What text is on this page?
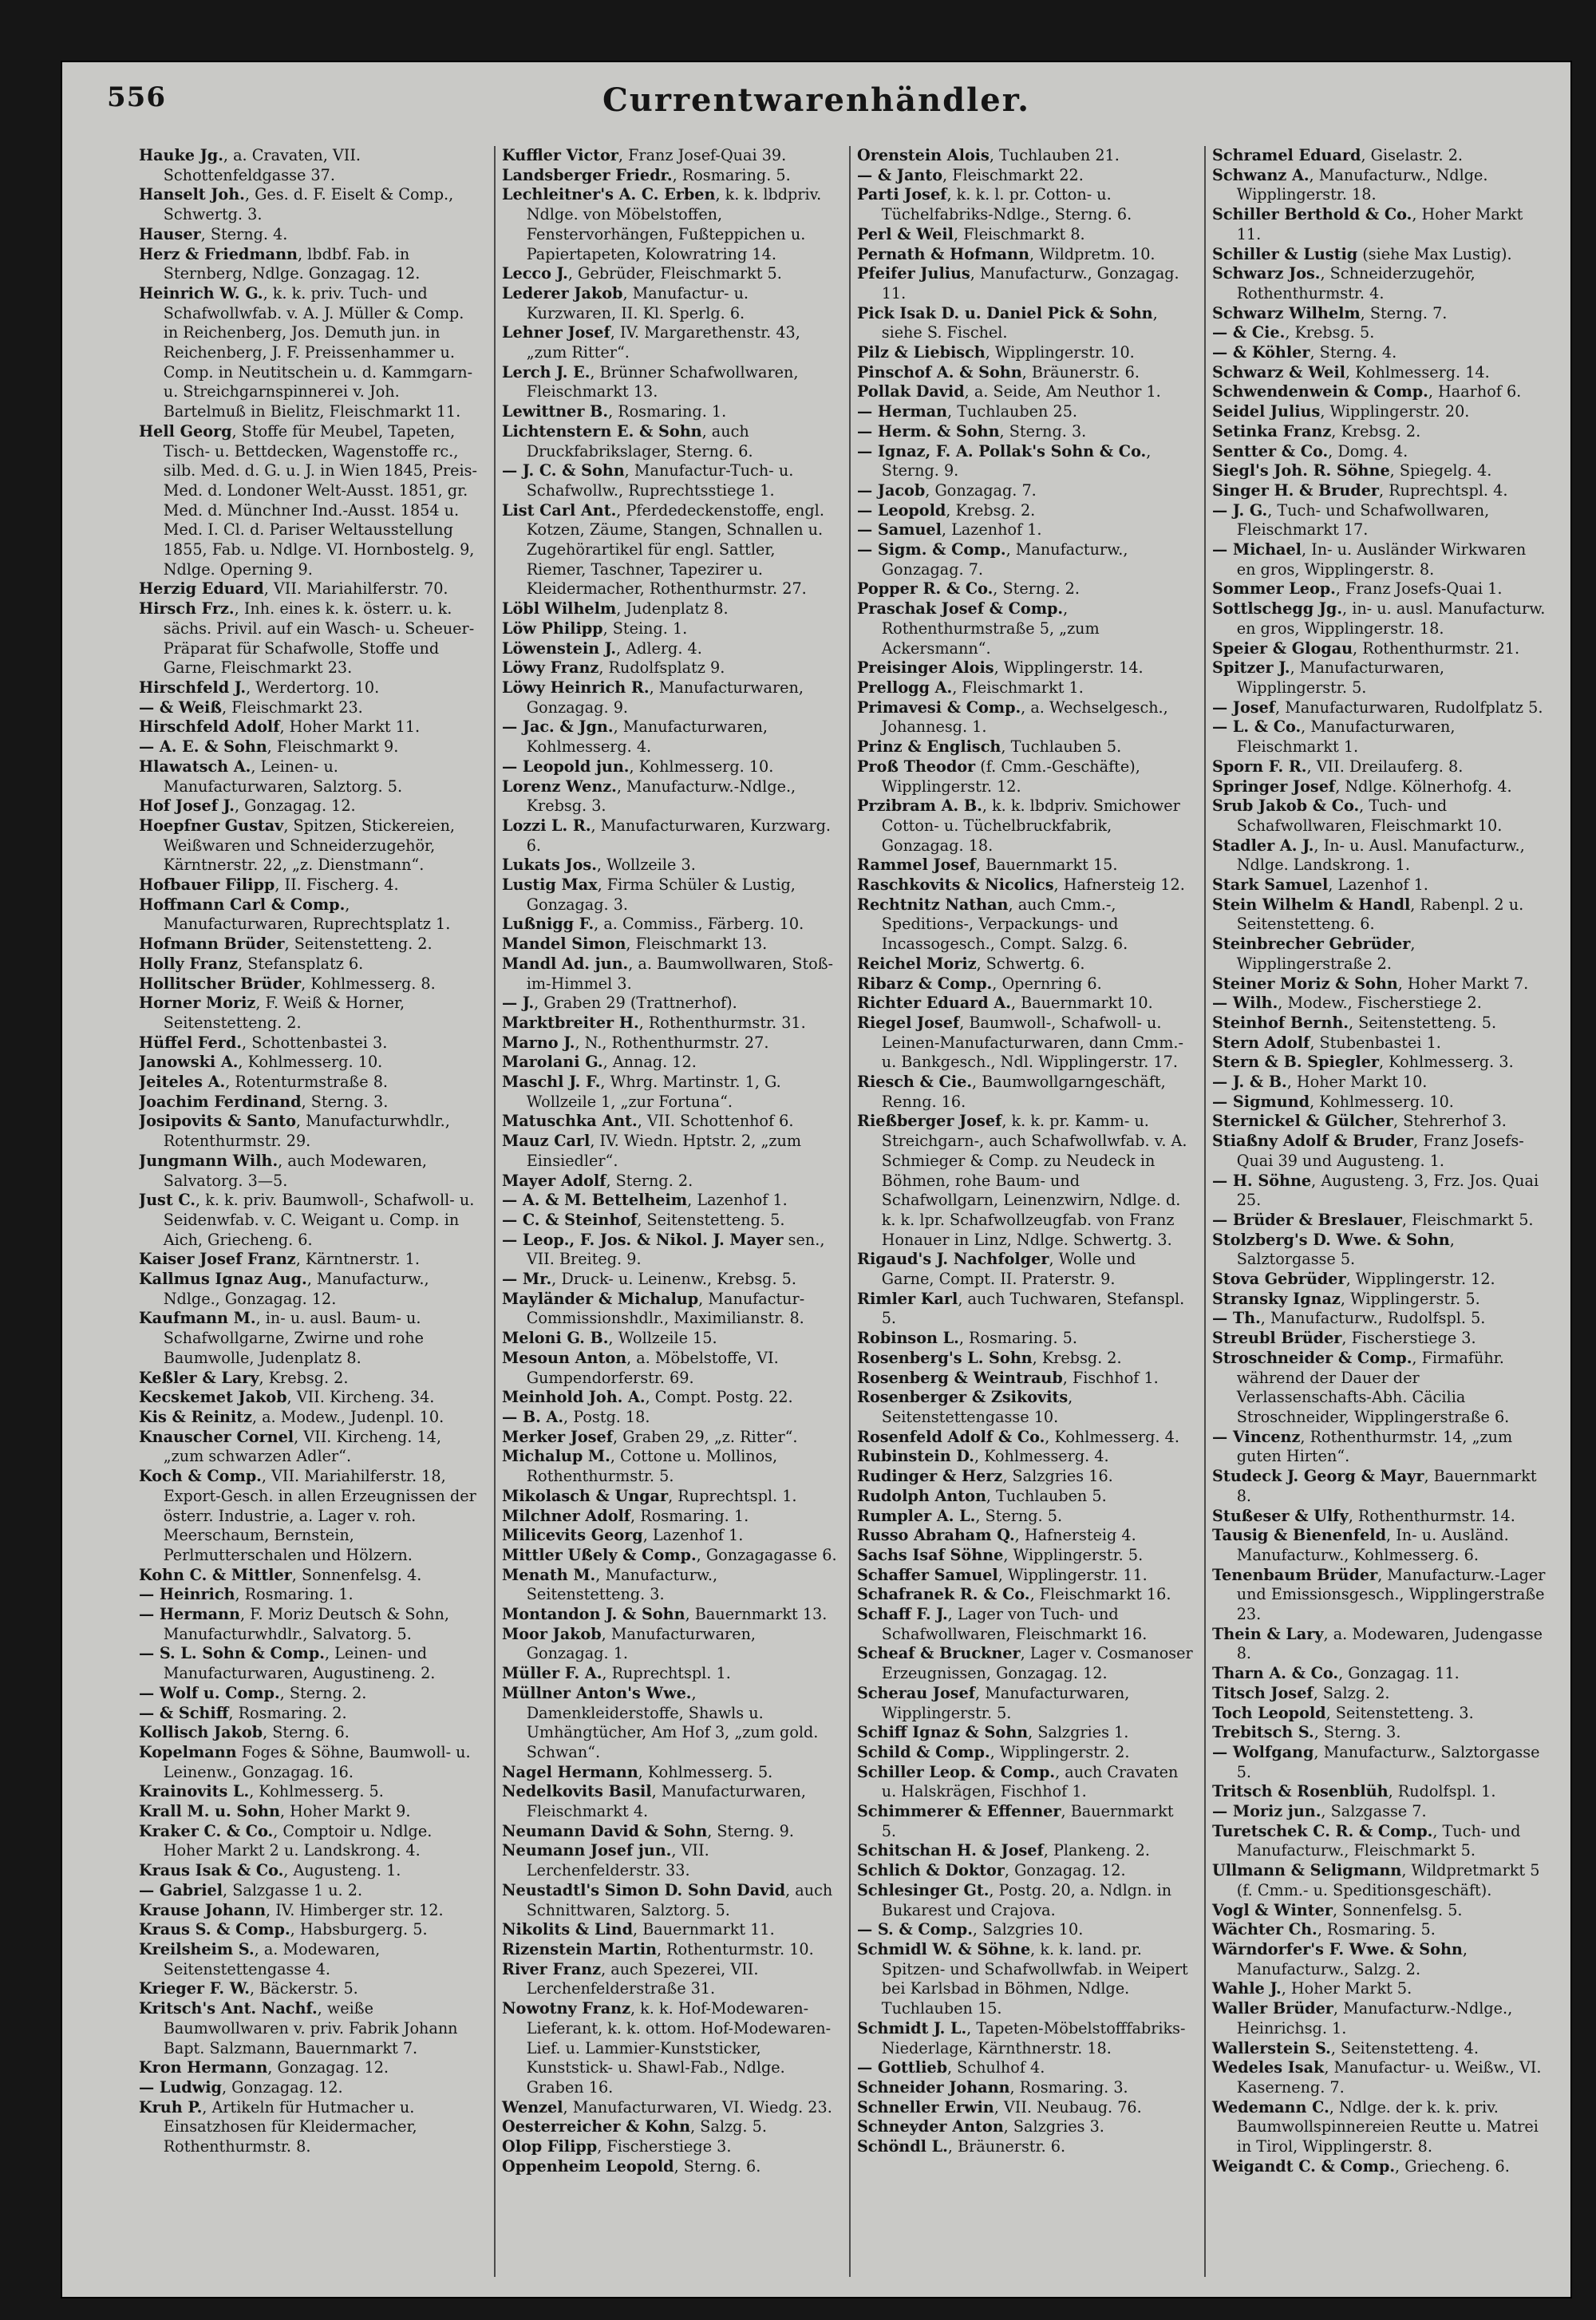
556	Currentwarenhändler.

Hauke Jg., a. Cravaten, VII. Schottenfeldgasse 37.

Hanselt Joh., Ges. d. F. Eiselt & Comp., Schwertg. 3.

Hauser, Sterng. 4.

Herz & Friedmann, lbdbf. Fab. in Sternberg, Ndlge. Gonzagag. 12.

Heinrich W. G., k. k. priv. Tuch- und Schafwollwfab. v. A. J. Müller & Comp. in Reichenberg, Jos. Demuth jun. in Reichenberg, J. F. Preissenhammer u. Comp. in Neutitschein u. d. Kammgarn- u. Streichgarnspinnerei v. Joh. Bartelmuß in Bielitz, Fleischmarkt 11.

Hell Georg, Stoffe für Meubel, Tapeten, Tisch- u. Bettdecken, Wagenstoffe rc., silb. Med. d. G. u. J. in Wien 1845, Preis-Med. d. Londoner Welt-Ausst. 1851, gr. Med. d. Münchner Ind.-Ausst. 1854 u. Med. I. Cl. d. Pariser Weltausstellung 1855, Fab. u. Ndlge. VI. Hornbostelg. 9, Ndlge. Operning 9.

Herzig Eduard, VII. Mariahilferstr. 70.

Hirsch Frz., Inh. eines k. k. österr. u. k. sächs. Privil. auf ein Wasch- u. Scheuer-Präparat für Schafwolle, Stoffe und Garne, Fleischmarkt 23.

Hirschfeld J., Werdertorg. 10.

— & Weiß, Fleischmarkt 23.

Hirschfeld Adolf, Hoher Markt 11.

— A. E. & Sohn, Fleischmarkt 9.

Hlawatsch A., Leinen- u. Manufacturwaren, Salztorg. 5.

Hof Josef J., Gonzagag. 12.

Hoepfner Gustav, Spitzen, Stickereien, Weißwaren und Schneiderzugehör, Kärntnerstr. 22, „z. Dienstmann“.

Hofbauer Filipp, II. Fischerg. 4.

Hoffmann Carl & Comp., Manufacturwaren, Ruprechtsplatz 1.

Hofmann Brüder, Seitenstetteng. 2.

Holly Franz, Stefansplatz 6.

Hollitscher Brüder, Kohlmesserg. 8.

Horner Moriz, F. Weiß & Horner, Seitenstetteng. 2.

Hüffel Ferd., Schottenbastei 3.

Janowski A., Kohlmesserg. 10.

Jeiteles A., Rotenturmstraße 8.

Joachim Ferdinand, Sterng. 3.

Josipovits & Santo, Manufacturwhdlr., Rotenthurmstr. 29.

Jungmann Wilh., auch Modewaren, Salvatorg. 3—5.

Just C., k. k. priv. Baumwoll-, Schafwoll- u. Seidenwfab. v. C. Weigant u. Comp. in Aich, Griecheng. 6.

Kaiser Josef Franz, Kärntnerstr. 1.

Kallmus Ignaz Aug., Manufacturw., Ndlge., Gonzagag. 12.

Kaufmann M., in- u. ausl. Baum- u. Schafwollgarne, Zwirne und rohe Baumwolle, Judenplatz 8.

Keßler & Lary, Krebsg. 2.

Kecskemet Jakob, VII. Kircheng. 34.

Kis & Reinitz, a. Modew., Judenpl. 10.

Knauscher Cornel, VII. Kircheng. 14, „zum schwarzen Adler“.

Koch & Comp., VII. Mariahilferstr. 18, Export-Gesch. in allen Erzeugnissen der österr. Industrie, a. Lager v. roh. Meerschaum, Bernstein, Perlmutterschalen und Hölzern.

Kohn C. & Mittler, Sonnenfelsg. 4.

— Heinrich, Rosmaring. 1.

— Hermann, F. Moriz Deutsch & Sohn, Manufacturwhdlr., Salvatorg. 5.

— S. L. Sohn & Comp., Leinen- und Manufacturwaren, Augustineng. 2.

— Wolf u. Comp., Sterng. 2.

— & Schiff, Rosmaring. 2.

Kollisch Jakob, Sterng. 6.

Kopelmann Foges & Söhne, Baumwoll- u. Leinenw., Gonzagag. 16.

Krainovits L., Kohlmesserg. 5.

Krall M. u. Sohn, Hoher Markt 9.

Kraker C. & Co., Comptoir u. Ndlge. Hoher Markt 2 u. Landskrong. 4.

Kraus Isak & Co., Augusteng. 1.

— Gabriel, Salzgasse 1 u. 2.

Krause Johann, IV. Himberger str. 12.

Kraus S. & Comp., Habsburgerg. 5.

Kreilsheim S., a. Modewaren, Seitenstettengasse 4.

Krieger F. W., Bäckerstr. 5.

Kritsch's Ant. Nachf., weiße Baumwollwaren v. priv. Fabrik Johann Bapt. Salzmann, Bauernmarkt 7.

Kron Hermann, Gonzagag. 12.

— Ludwig, Gonzagag. 12.

Kruh P., Artikeln für Hutmacher u. Einsatzhosen für Kleidermacher, Rothenthurmstr. 8.

Kuffler Victor, Franz Josef-Quai 39.

Landsberger Friedr., Rosmaring. 5.

Lechleitner's A. C. Erben, k. k. lbdpriv. Ndlge. von Möbelstoffen, Fenstervorhängen, Fußteppichen u. Papiertapeten, Kolowratring 14.

Lecco J., Gebrüder, Fleischmarkt 5.

Lederer Jakob, Manufactur- u. Kurzwaren, II. Kl. Sperlg. 6.

Lehner Josef, IV. Margarethenstr. 43, „zum Ritter“.

Lerch J. E., Brünner Schafwollwaren, Fleischmarkt 13.

Lewittner B., Rosmaring. 1.

Lichtenstern E. & Sohn, auch Druckfabrikslager, Sterng. 6.

— J. C. & Sohn, Manufactur-Tuch- u. Schafwollw., Ruprechtsstiege 1.

List Carl Ant., Pferdedeckenstoffe, engl. Kotzen, Zäume, Stangen, Schnallen u. Zugehörartikel für engl. Sattler, Riemer, Taschner, Tapezirer u. Kleidermacher, Rothenthurmstr. 27.

Löbl Wilhelm, Judenplatz 8.

Löw Philipp, Steing. 1.

Löwenstein J., Adlerg. 4.

Löwy Franz, Rudolfsplatz 9.

Löwy Heinrich R., Manufacturwaren, Gonzagag. 9.

— Jac. & Jgn., Manufacturwaren, Kohlmesserg. 4.

— Leopold jun., Kohlmesserg. 10.

Lorenz Wenz., Manufacturw.-Ndlge., Krebsg. 3.

Lozzi L. R., Manufacturwaren, Kurzwarg. 6.

Lukats Jos., Wollzeile 3.

Lustig Max, Firma Schüler & Lustig, Gonzagag. 3.

Lußnigg F., a. Commiss., Färberg. 10.

Mandel Simon, Fleischmarkt 13.

Mandl Ad. jun., a. Baumwollwaren, Stoß-im-Himmel 3.

— J., Graben 29 (Trattnerhof).

Marktbreiter H., Rothenthurmstr. 31.

Marno J., N., Rothenthurmstr. 27.

Marolani G., Annag. 12.

Maschl J. F., Whrg. Martinstr. 1, G. Wollzeile 1, „zur Fortuna“.

Matuschka Ant., VII. Schottenhof 6.

Mauz Carl, IV. Wiedn. Hptstr. 2, „zum Einsiedler“.

Mayer Adolf, Sterng. 2.

— A. & M. Bettelheim, Lazenhof 1.

— C. & Steinhof, Seitenstetteng. 5.

— Leop., F. Jos. & Nikol. J. Mayer sen., VII. Breiteg. 9.

— Mr., Druck- u. Leinenw., Krebsg. 5.

Mayländer & Michalup, Manufactur-Commissionshdlr., Maximilianstr. 8.

Meloni G. B., Wollzeile 15.

Mesoun Anton, a. Möbelstoffe, VI. Gumpendorferstr. 69.

Meinhold Joh. A., Compt. Postg. 22.

— B. A., Postg. 18.

Merker Josef, Graben 29, „z. Ritter“.

Michalup M., Cottone u. Mollinos, Rothenthurmstr. 5.

Mikolasch & Ungar, Ruprechtspl. 1.

Milchner Adolf, Rosmaring. 1.

Milicevits Georg, Lazenhof 1.

Mittler Ußely & Comp., Gonzagagasse 6.

Menath M., Manufacturw., Seitenstetteng. 3.

Montandon J. & Sohn, Bauernmarkt 13.

Moor Jakob, Manufacturwaren, Gonzagag. 1.

Müller F. A., Ruprechtspl. 1.

Müllner Anton's Wwe., Damenkleiderstoffe, Shawls u. Umhängtücher, Am Hof 3, „zum gold. Schwan“.

Nagel Hermann, Kohlmesserg. 5.

Nedelkovits Basil, Manufacturwaren, Fleischmarkt 4.

Neumann David & Sohn, Sterng. 9.

Neumann Josef jun., VII. Lerchenfelderstr. 33.

Neustadtl's Simon D. Sohn David, auch Schnittwaren, Salztorg. 5.

Nikolits & Lind, Bauernmarkt 11.

Rizenstein Martin, Rothenturmstr. 10.

River Franz, auch Spezerei, VII. Lerchenfelderstraße 31.

Nowotny Franz, k. k. Hof-Modewaren-Lieferant, k. k. ottom. Hof-Modewaren-Lief. u. Lammier-Kunststicker, Kunststick- u. Shawl-Fab., Ndlge. Graben 16.

Wenzel, Manufacturwaren, VI. Wiedg. 23.

Oesterreicher & Kohn, Salzg. 5.

Olop Filipp, Fischerstiege 3.

Oppenheim Leopold, Sterng. 6.

Orenstein Alois, Tuchlauben 21.

— & Janto, Fleischmarkt 22.

Parti Josef, k. k. l. pr. Cotton- u. Tüchelfabriks-Ndlge., Sterng. 6.

Perl & Weil, Fleischmarkt 8.

Pernath & Hofmann, Wildpretm. 10.

Pfeifer Julius, Manufacturw., Gonzagag. 11.

Pick Isak D. u. Daniel Pick & Sohn, siehe S. Fischel.

Pilz & Liebisch, Wipplingerstr. 10.

Pinschof A. & Sohn, Bräunerstr. 6.

Pollak David, a. Seide, Am Neuthor 1.

— Herman, Tuchlauben 25.

— Herm. & Sohn, Sterng. 3.

— Ignaz, F. A. Pollak's Sohn & Co., Sterng. 9.

— Jacob, Gonzagag. 7.

— Leopold, Krebsg. 2.

— Samuel, Lazenhof 1.

— Sigm. & Comp., Manufacturw., Gonzagag. 7.

Popper R. & Co., Sterng. 2.

Praschak Josef & Comp., Rothenthurmstraße 5, „zum Ackersmann“.

Preisinger Alois, Wipplingerstr. 14.

Prellogg A., Fleischmarkt 1.

Primavesi & Comp., a. Wechselgesch., Johannesg. 1.

Prinz & Englisch, Tuchlauben 5.

Proß Theodor (f. Cmm.-Geschäfte), Wipplingerstr. 12.

Przibram A. B., k. k. lbdpriv. Smichower Cotton- u. Tüchelbruckfabrik, Gonzagag. 18.

Rammel Josef, Bauernmarkt 15.

Raschkovits & Nicolics, Hafnersteig 12.

Rechtnitz Nathan, auch Cmm.-, Speditions-, Verpackungs- und Incassogesch., Compt. Salzg. 6.

Reichel Moriz, Schwertg. 6.

Ribarz & Comp., Opernring 6.

Richter Eduard A., Bauernmarkt 10.

Riegel Josef, Baumwoll-, Schafwoll- u. Leinen-Manufacturwaren, dann Cmm.- u. Bankgesch., Ndl. Wipplingerstr. 17.

Riesch & Cie., Baumwollgarngeschäft, Renng. 16.

Rießberger Josef, k. k. pr. Kamm- u. Streichgarn-, auch Schafwollwfab. v. A. Schmieger & Comp. zu Neudeck in Böhmen, rohe Baum- und Schafwollgarn, Leinenzwirn, Ndlge. d. k. k. lpr. Schafwollzeugfab. von Franz Honauer in Linz, Ndlge. Schwertg. 3.

Rigaud's J. Nachfolger, Wolle und Garne, Compt. II. Praterstr. 9.

Rimler Karl, auch Tuchwaren, Stefanspl. 5.

Robinson L., Rosmaring. 5.

Rosenberg's L. Sohn, Krebsg. 2.

Rosenberg & Weintraub, Fischhof 1.

Rosenberger & Zsikovits, Seitenstettengasse 10.

Rosenfeld Adolf & Co., Kohlmesserg. 4.

Rubinstein D., Kohlmesserg. 4.

Rudinger & Herz, Salzgries 16.

Rudolph Anton, Tuchlauben 5.

Rumpler A. L., Sterng. 5.

Russo Abraham Q., Hafnersteig 4.

Sachs Isaf Söhne, Wipplingerstr. 5.

Schaffer Samuel, Wipplingerstr. 11.

Schafranek R. & Co., Fleischmarkt 16.

Schaff F. J., Lager von Tuch- und Schafwollwaren, Fleischmarkt 16.

Scheaf & Bruckner, Lager v. Cosmanoser Erzeugnissen, Gonzagag. 12.

Scherau Josef, Manufacturwaren, Wipplingerstr. 5.

Schiff Ignaz & Sohn, Salzgries 1.

Schild & Comp., Wipplingerstr. 2.

Schiller Leop. & Comp., auch Cravaten u. Halskrägen, Fischhof 1.

Schimmerer & Effenner, Bauernmarkt 5.

Schitschan H. & Josef, Plankeng. 2.

Schlich & Doktor, Gonzagag. 12.

Schlesinger Gt., Postg. 20, a. Ndlgn. in Bukarest und Crajova.

— S. & Comp., Salzgries 10.

Schmidl W. & Söhne, k. k. land. pr. Spitzen- und Schafwollwfab. in Weipert bei Karlsbad in Böhmen, Ndlge. Tuchlauben 15.

Schmidt J. L., Tapeten-Möbelstofffabriks-Niederlage, Kärnthnerstr. 18.

— Gottlieb, Schulhof 4.

Schneider Johann, Rosmaring. 3.

Schneller Erwin, VII. Neubaug. 76.

Schneyder Anton, Salzgries 3.

Schöndl L., Bräunerstr. 6.

Schramel Eduard, Giselastr. 2.

Schwanz A., Manufacturw., Ndlge. Wipplingerstr. 18.

Schiller Berthold & Co., Hoher Markt 11.

Schiller & Lustig (siehe Max Lustig).

Schwarz Jos., Schneiderzugehör, Rothenthurmstr. 4.

Schwarz Wilhelm, Sterng. 7.

— & Cie., Krebsg. 5.

— & Köhler, Sterng. 4.

Schwarz & Weil, Kohlmesserg. 14.

Schwendenwein & Comp., Haarhof 6.

Seidel Julius, Wipplingerstr. 20.

Setinka Franz, Krebsg. 2.

Sentter & Co., Domg. 4.

Siegl's Joh. R. Söhne, Spiegelg. 4.

Singer H. & Bruder, Ruprechtspl. 4.

— J. G., Tuch- und Schafwollwaren, Fleischmarkt 17.

— Michael, In- u. Ausländer Wirkwaren en gros, Wipplingerstr. 8.

Sommer Leop., Franz Josefs-Quai 1.

Sottlschegg Jg., in- u. ausl. Manufacturw. en gros, Wipplingerstr. 18.

Speier & Glogau, Rothenthurmstr. 21.

Spitzer J., Manufacturwaren, Wipplingerstr. 5.

— Josef, Manufacturwaren, Rudolfplatz 5.

— L. & Co., Manufacturwaren, Fleischmarkt 1.

Sporn F. R., VII. Dreilauferg. 8.

Springer Josef, Ndlge. Kölnerhofg. 4.

Srub Jakob & Co., Tuch- und Schafwollwaren, Fleischmarkt 10.

Stadler A. J., In- u. Ausl. Manufacturw., Ndlge. Landskrong. 1.

Stark Samuel, Lazenhof 1.

Stein Wilhelm & Handl, Rabenpl. 2 u. Seitenstetteng. 6.

Steinbrecher Gebrüder, Wipplingerstraße 2.

Steiner Moriz & Sohn, Hoher Markt 7.

— Wilh., Modew., Fischerstiege 2.

Steinhof Bernh., Seitenstetteng. 5.

Stern Adolf, Stubenbastei 1.

Stern & B. Spiegler, Kohlmesserg. 3.

— J. & B., Hoher Markt 10.

— Sigmund, Kohlmesserg. 10.

Sternickel & Gülcher, Stehrerhof 3.

Stiaßny Adolf & Bruder, Franz Josefs-Quai 39 und Augusteng. 1.

— H. Söhne, Augusteng. 3, Frz. Jos. Quai 25.

— Brüder & Breslauer, Fleischmarkt 5.

Stolzberg's D. Wwe. & Sohn, Salztorgasse 5.

Stova Gebrüder, Wipplingerstr. 12.

Stransky Ignaz, Wipplingerstr. 5.

— Th., Manufacturw., Rudolfspl. 5.

Streubl Brüder, Fischerstiege 3.

Stroschneider & Comp., Firmaführ. während der Dauer der Verlassenschafts-Abh. Cäcilia Stroschneider, Wipplingerstraße 6.

— Vincenz, Rothenthurmstr. 14, „zum guten Hirten“.

Studeck J. Georg & Mayr, Bauernmarkt 8.

Stußeser & Ulfy, Rothenthurmstr. 14.

Tausig & Bienenfeld, In- u. Ausländ. Manufacturw., Kohlmesserg. 6.

Tenenbaum Brüder, Manufacturw.-Lager und Emissionsgesch., Wipplingerstraße 23.

Thein & Lary, a. Modewaren, Judengasse 8.

Tharn A. & Co., Gonzagag. 11.

Titsch Josef, Salzg. 2.

Toch Leopold, Seitenstetteng. 3.

Trebitsch S., Sterng. 3.

— Wolfgang, Manufacturw., Salztorgasse 5.

Tritsch & Rosenblüh, Rudolfspl. 1.

— Moriz jun., Salzgasse 7.

Turetschek C. R. & Comp., Tuch- und Manufacturw., Fleischmarkt 5.

Ullmann & Seligmann, Wildpretmarkt 5 (f. Cmm.- u. Speditionsgeschäft).

Vogl & Winter, Sonnenfelsg. 5.

Wächter Ch., Rosmaring. 5.

Wärndorfer's F. Wwe. & Sohn, Manufacturw., Salzg. 2.

Wahle J., Hoher Markt 5.

Waller Brüder, Manufacturw.-Ndlge., Heinrichsg. 1.

Wallerstein S., Seitenstetteng. 4.

Wedeles Isak, Manufactur- u. Weißw., VI. Kaserneng. 7.

Wedemann C., Ndlge. der k. k. priv. Baumwollspinnereien Reutte u. Matrei in Tirol, Wipplingerstr. 8.

Weigandt C. & Comp., Griecheng. 6.
